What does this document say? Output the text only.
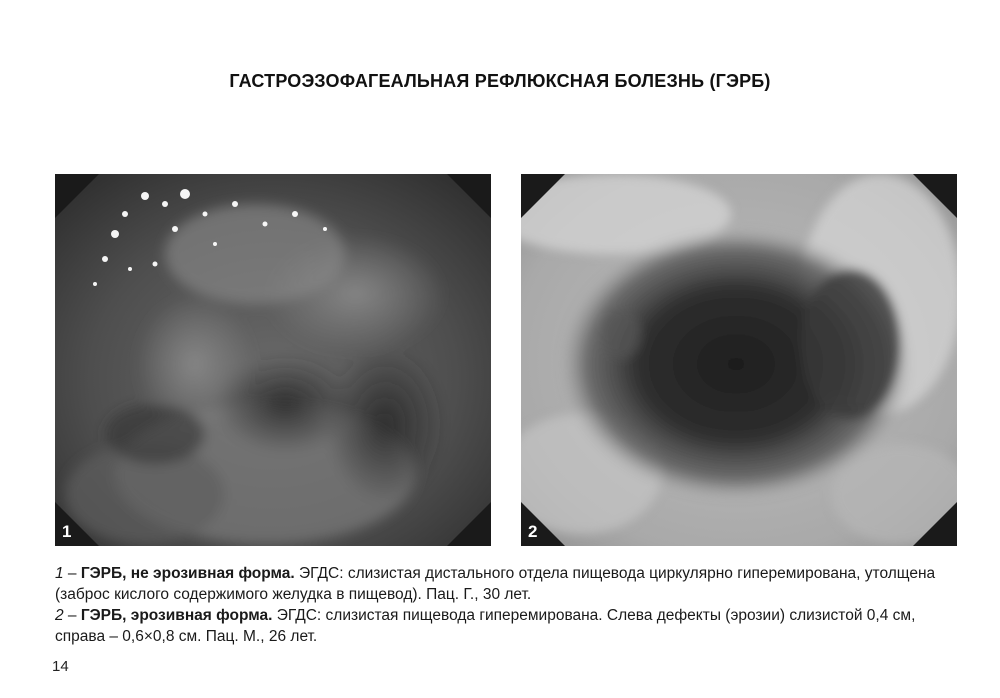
ГАСТРОЭЗОФАГЕАЛЬНАЯ РЕФЛЮКСНАЯ БОЛЕЗНЬ (ГЭРБ)
1	2

1 – ГЭРБ, не эрозивная форма. ЭГДС: слизистая дистального отдела пищевода циркулярно гиперемирована, утолщена (заброс кислого содержимого желудка в пищевод). Пац. Г., 30 лет.

2 – ГЭРБ, эрозивная форма. ЭГДС: слизистая пищевода гиперемирована. Слева дефекты (эрозии) слизистой 0,4 см, справа – 0,6×0,8 см. Пац. М., 26 лет.

14
